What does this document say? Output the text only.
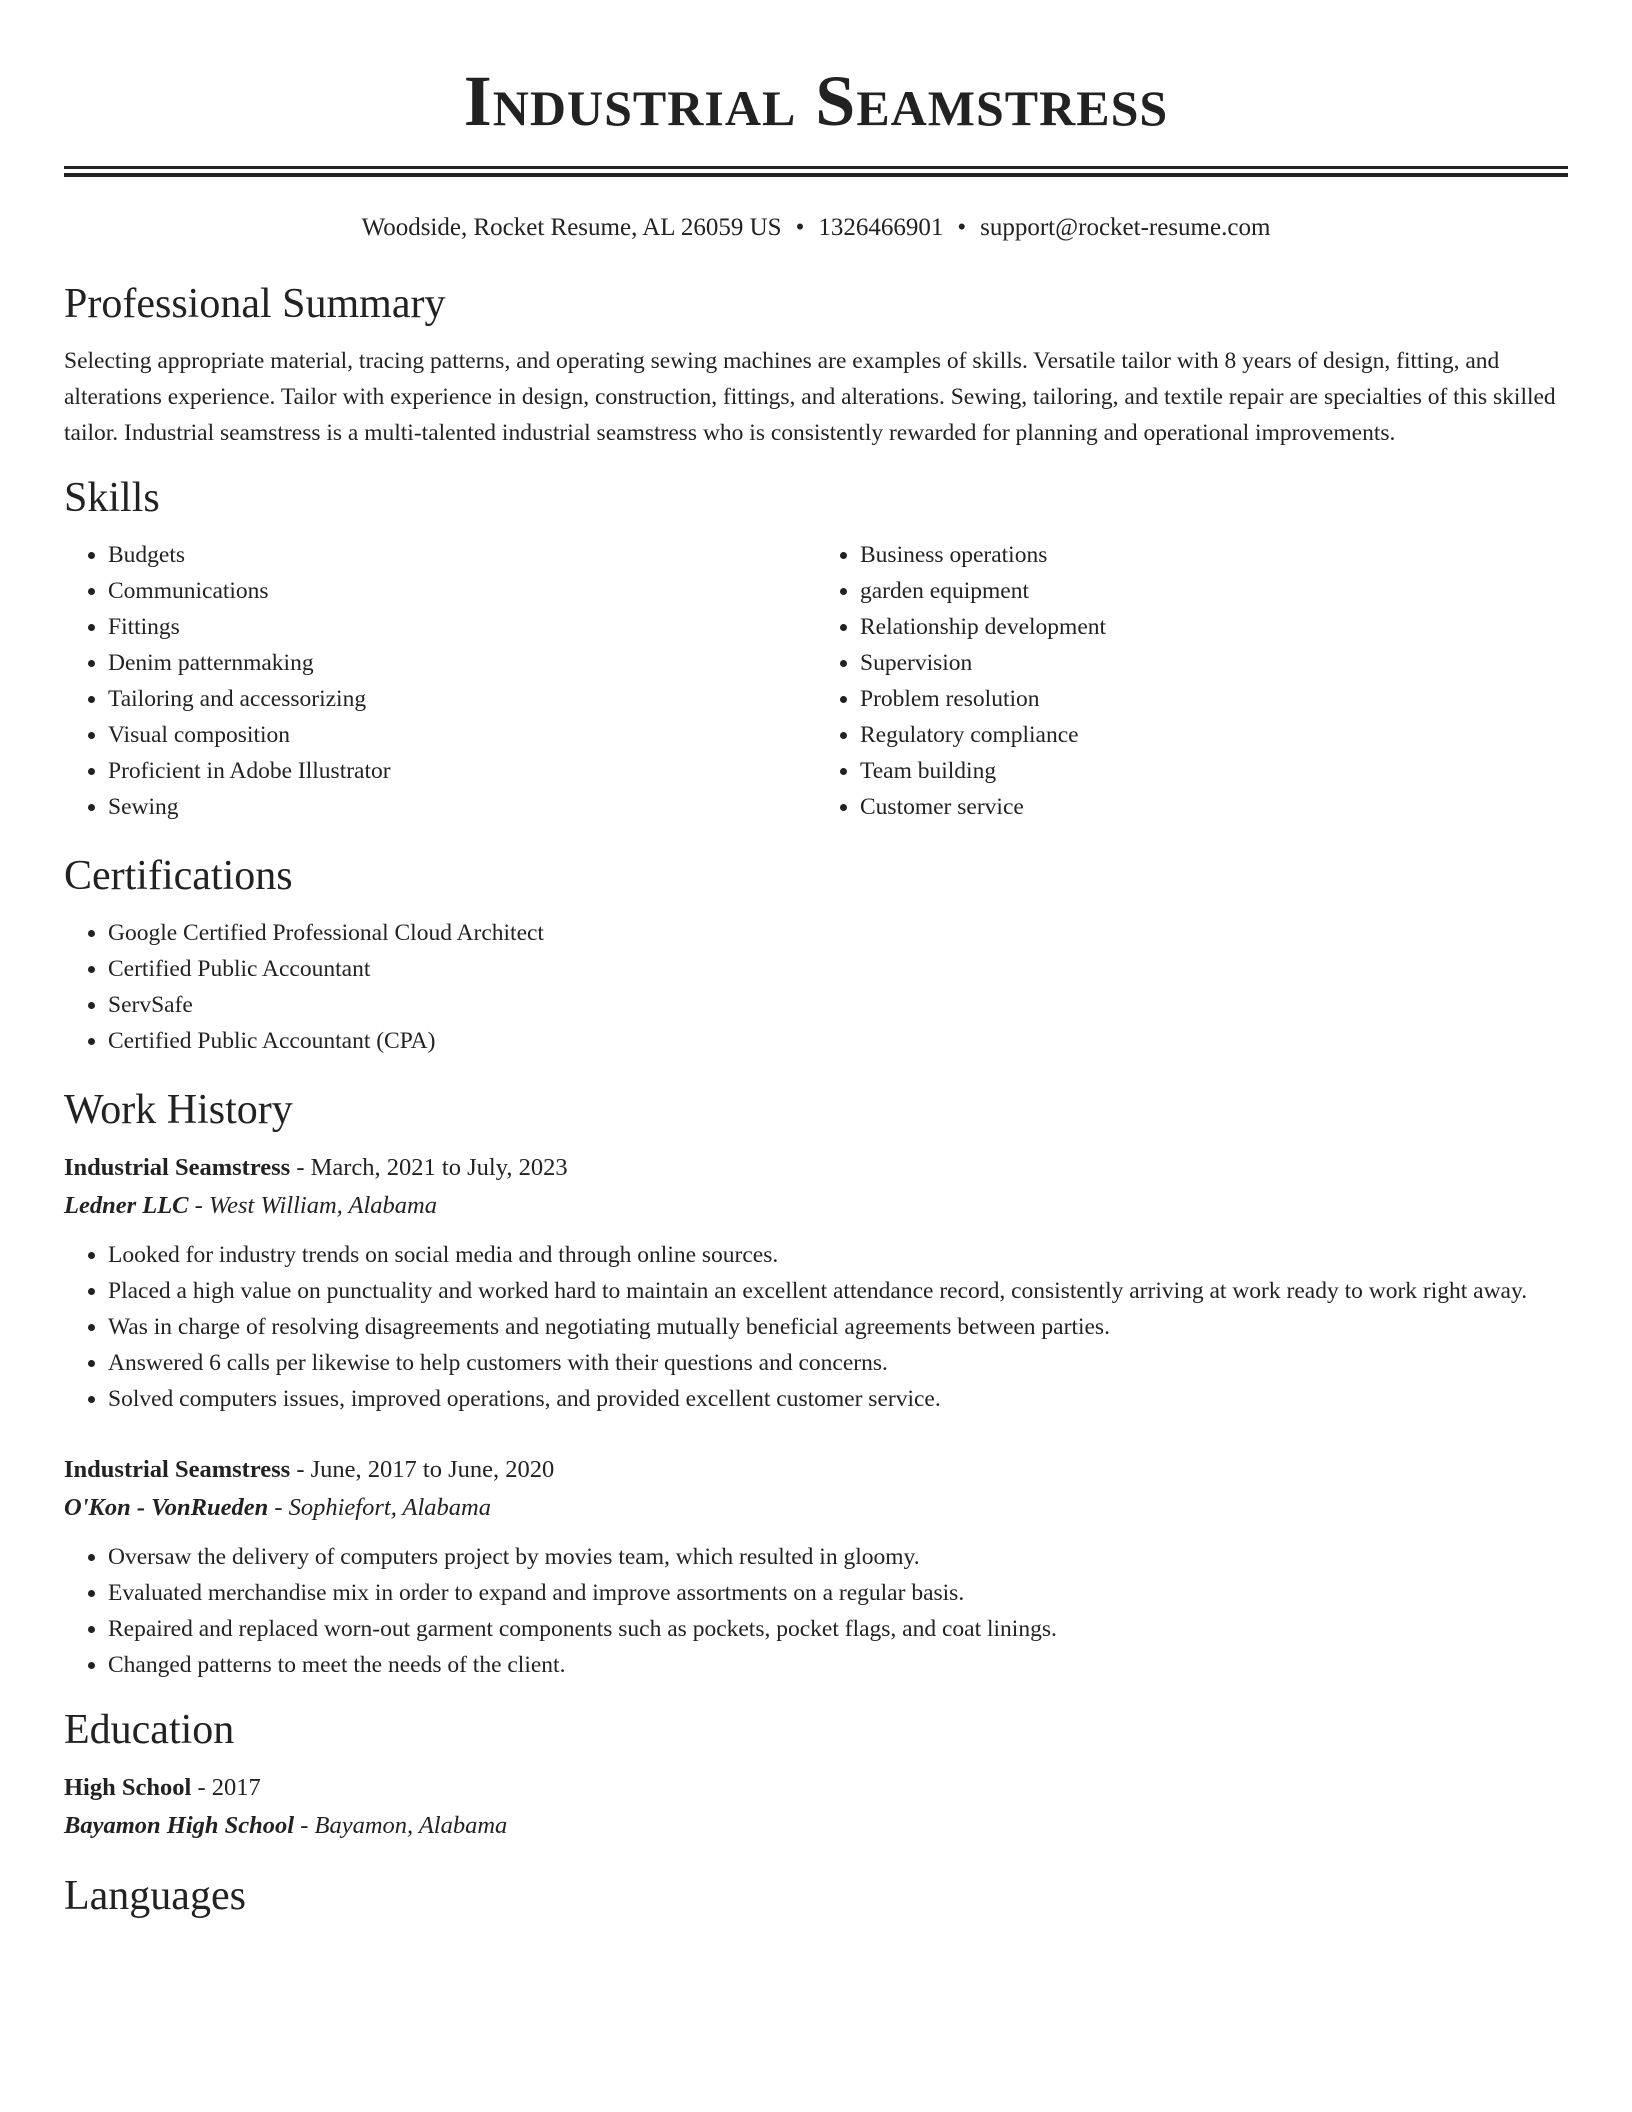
Industrial Seamstress
Woodside, Rocket Resume, AL 26059 US • 1326466901 • support@rocket-resume.com
Professional Summary

Selecting appropriate material, tracing patterns, and operating sewing machines are examples of skills. Versatile tailor with 8 years of design, fitting, and alterations experience. Tailor with experience in design, construction, fittings, and alterations. Sewing, tailoring, and textile repair are specialties of this skilled tailor. Industrial seamstress is a multi-talented industrial seamstress who is consistently rewarded for planning and operational improvements.

Skills
• Budgets
• Communications
• Fittings
• Denim patternmaking
• Tailoring and accessorizing
• Visual composition
• Proficient in Adobe Illustrator
• Sewing
• Business operations
• garden equipment
• Relationship development
• Supervision
• Problem resolution
• Regulatory compliance
• Team building
• Customer service
Certifications
• Google Certified Professional Cloud Architect
• Certified Public Accountant
• ServSafe
• Certified Public Accountant (CPA)
Work History
Industrial Seamstress - March, 2021 to July, 2023
Ledner LLC - West William, Alabama
• Looked for industry trends on social media and through online sources.
• Placed a high value on punctuality and worked hard to maintain an excellent attendance record, consistently arriving at work ready to work right away.
• Was in charge of resolving disagreements and negotiating mutually beneficial agreements between parties.
• Answered 6 calls per likewise to help customers with their questions and concerns.
• Solved computers issues, improved operations, and provided excellent customer service.
Industrial Seamstress - June, 2017 to June, 2020
O'Kon - VonRueden - Sophiefort, Alabama
• Oversaw the delivery of computers project by movies team, which resulted in gloomy.
• Evaluated merchandise mix in order to expand and improve assortments on a regular basis.
• Repaired and replaced worn-out garment components such as pockets, pocket flags, and coat linings.
• Changed patterns to meet the needs of the client.
Education
High School - 2017
Bayamon High School - Bayamon, Alabama
Languages
